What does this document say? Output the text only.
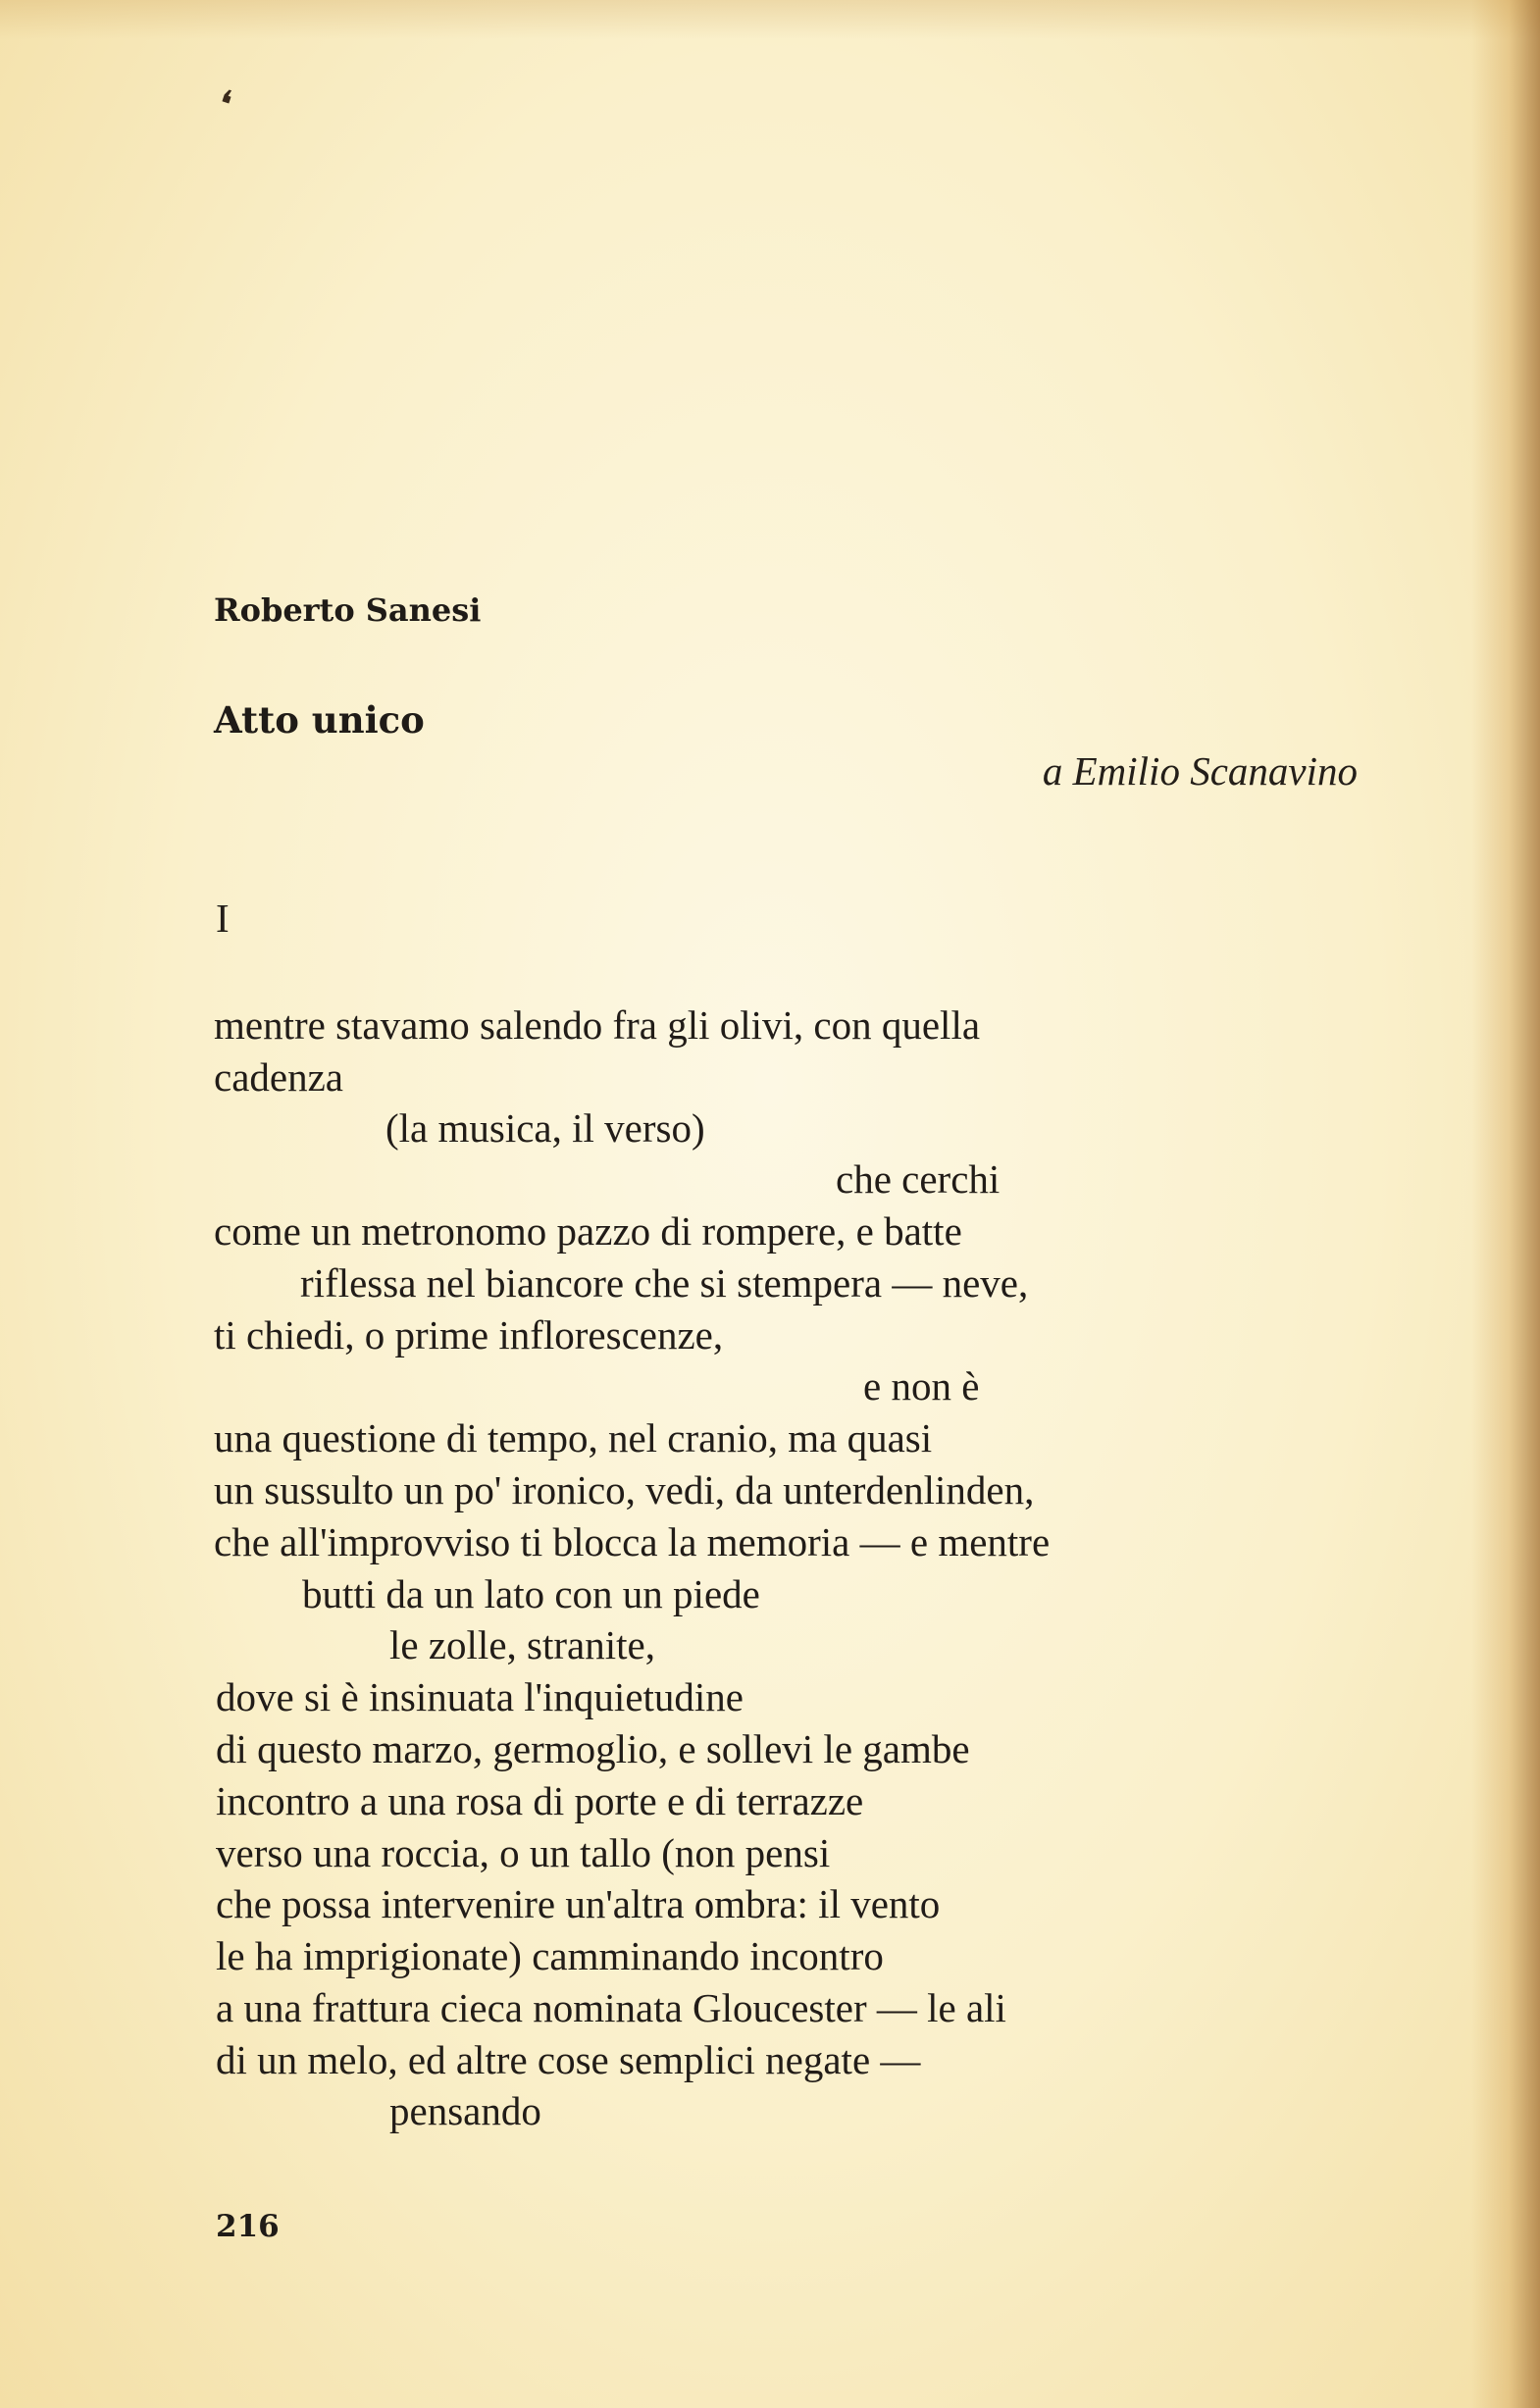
❛
Roberto Sanesi
Atto unico
a Emilio Scanavino
I
mentre stavamo salendo fra gli olivi, con quella
cadenza
(la musica, il verso)
che cerchi
come un metronomo pazzo di rompere, e batte
riflessa nel biancore che si stempera — neve,
ti chiedi, o prime inflorescenze,
e non è
una questione di tempo, nel cranio, ma quasi
un sussulto un po' ironico, vedi, da unterdenlinden,
che all'improvviso ti blocca la memoria — e mentre
butti da un lato con un piede
le zolle, stranite,
dove si è insinuata l'inquietudine
di questo marzo, germoglio, e sollevi le gambe
incontro a una rosa di porte e di terrazze
verso una roccia, o un tallo (non pensi
che possa intervenire un'altra ombra: il vento
le ha imprigionate) camminando incontro
a una frattura cieca nominata Gloucester — le ali
di un melo, ed altre cose semplici negate —
pensando
216
